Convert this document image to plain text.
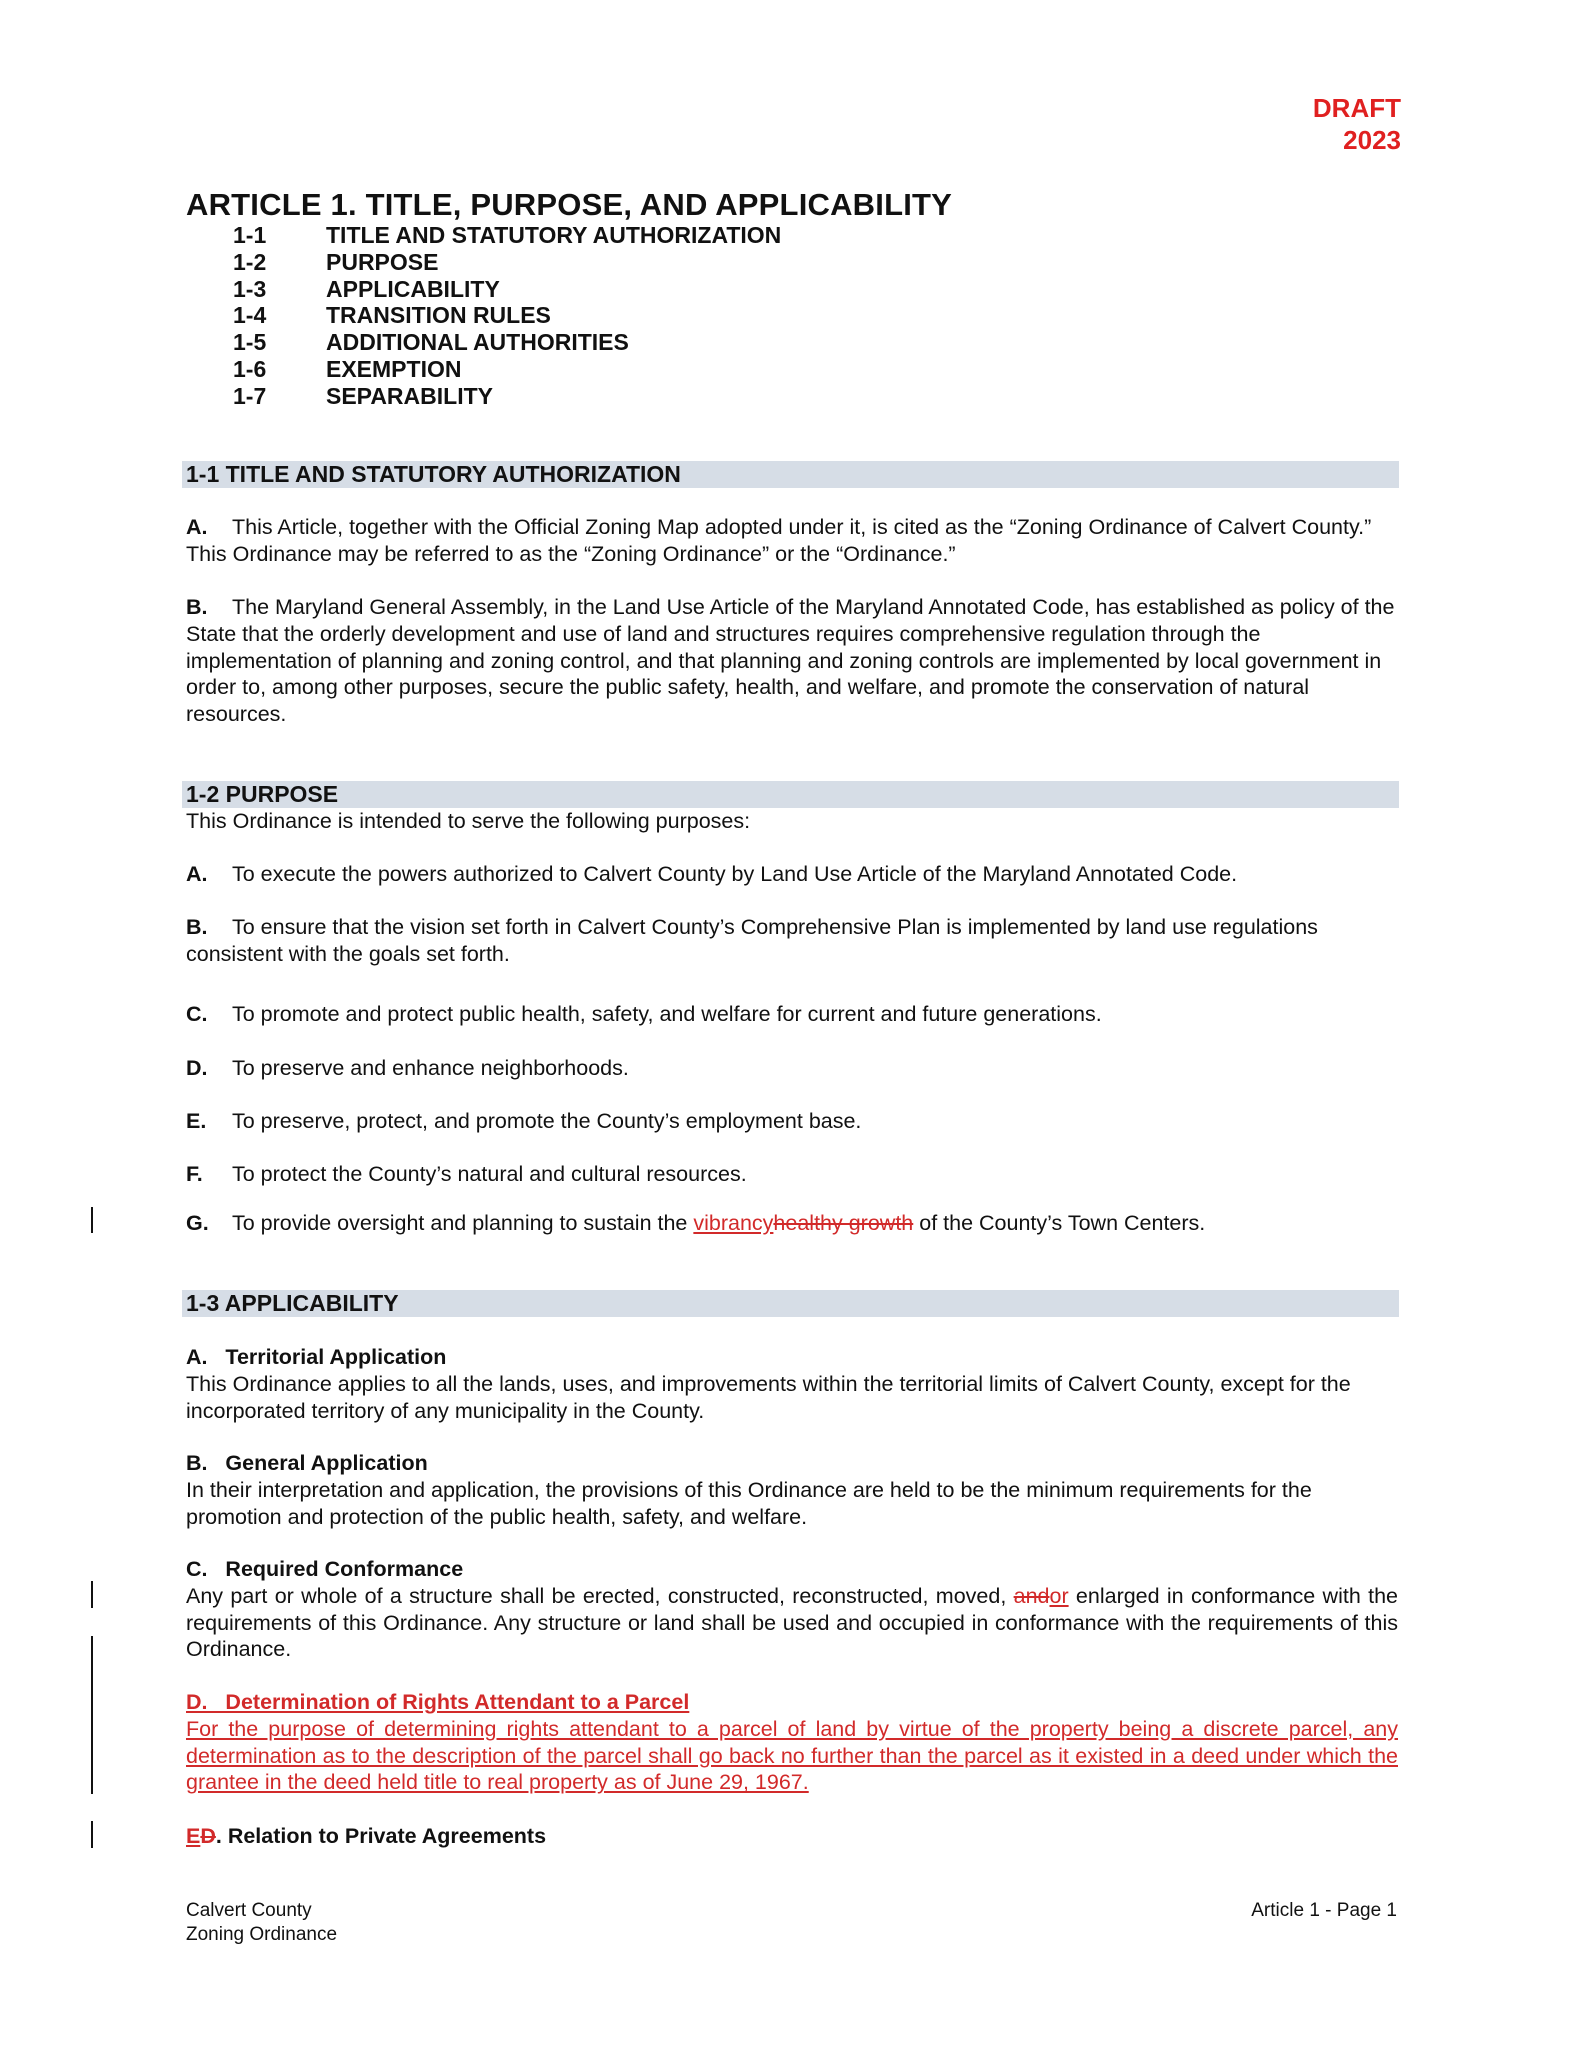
DRAFT
2023
ARTICLE 1. TITLE, PURPOSE, AND APPLICABILITY
1-1	TITLE AND STATUTORY AUTHORIZATION
1-2	PURPOSE
1-3	APPLICABILITY
1-4	TRANSITION RULES
1-5	ADDITIONAL AUTHORITIES
1-6	EXEMPTION
1-7	SEPARABILITY
1-1 TITLE AND STATUTORY AUTHORIZATION

A. This Article, together with the Official Zoning Map adopted under it, is cited as the “Zoning Ordinance of Calvert County.” This Ordinance may be referred to as the “Zoning Ordinance” or the “Ordinance.”

B. The Maryland General Assembly, in the Land Use Article of the Maryland Annotated Code, has established as policy of the State that the orderly development and use of land and structures requires comprehensive regulation through the implementation of planning and zoning control, and that planning and zoning controls are implemented by local government in order to, among other purposes, secure the public safety, health, and welfare, and promote the conservation of natural resources.

1-2 PURPOSE

This Ordinance is intended to serve the following purposes:

A. To execute the powers authorized to Calvert County by Land Use Article of the Maryland Annotated Code.

B. To ensure that the vision set forth in Calvert County’s Comprehensive Plan is implemented by land use regulations consistent with the goals set forth.

C. To promote and protect public health, safety, and welfare for current and future generations.

D. To preserve and enhance neighborhoods.

E. To preserve, protect, and promote the County’s employment base.

F. To protect the County’s natural and cultural resources.

G. To provide oversight and planning to sustain the vibrancyhealthy growth of the County’s Town Centers.

1-3 APPLICABILITY

A.   Territorial Application
This Ordinance applies to all the lands, uses, and improvements within the territorial limits of Calvert County, except for the incorporated territory of any municipality in the County.

B.   General Application
In their interpretation and application, the provisions of this Ordinance are held to be the minimum requirements for the promotion and protection of the public health, safety, and welfare.

C.   Required Conformance
Any part or whole of a structure shall be erected, constructed, reconstructed, moved, andor enlarged in conformance with the requirements of this Ordinance. Any structure or land shall be used and occupied in conformance with the requirements of this Ordinance.

D.   Determination of Rights Attendant to a Parcel
For the purpose of determining rights attendant to a parcel of land by virtue of the property being a discrete parcel, any determination as to the description of the parcel shall go back no further than the parcel as it existed in a deed under which the grantee in the deed held title to real property as of June 29, 1967.

ED. Relation to Private Agreements

Calvert County
Zoning Ordinance
Article 1 - Page 1
